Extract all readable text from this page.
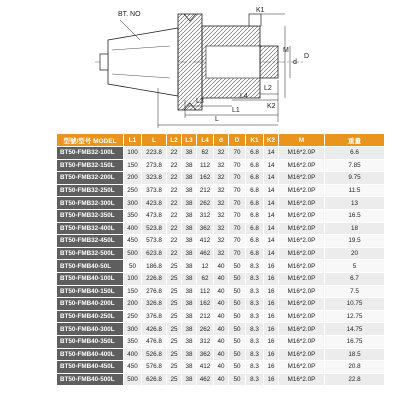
BT. NO
K1
K2
M
d
D
L1
L
L3
L4
L2
型號/型号 MODEL	L1	L	L2	L3	L4	d	D	K1	K2	M	重量
BT50-FMB32-100L	100	223.8	22	38	62	32	70	6.8	14	M16*2.0P	6.6
BT50-FMB32-150L	150	273.8	22	38	112	32	70	6.8	14	M16*2.0P	7.85
BT50-FMB32-200L	200	323.8	22	38	162	32	70	6.8	14	M16*2.0P	9.75
BT50-FMB32-250L	250	373.8	22	38	212	32	70	6.8	14	M16*2.0P	11.5
BT50-FMB32-300L	300	423.8	22	38	262	32	70	6.8	14	M16*2.0P	13
BT50-FMB32-350L	350	473.8	22	38	312	32	70	6.8	14	M16*2.0P	16.5
BT50-FMB32-400L	400	523.8	22	38	362	32	70	6.8	14	M16*2.0P	18
BT50-FMB32-450L	450	573.8	22	38	412	32	70	6.8	14	M16*2.0P	19.5
BT50-FMB32-500L	500	623.8	22	38	462	32	70	6.8	14	M16*2.0P	20
BT50-FMB40-50L	50	186.8	25	38	12	40	50	8.3	16	M16*2.0P	5
BT50-FMB40-100L	100	226.8	25	38	62	40	50	8.3	16	M16*2.0P	6.7
BT50-FMB40-150L	150	276.8	25	38	112	40	50	8.3	16	M16*2.0P	7.5
BT50-FMB40-200L	200	326.8	25	38	162	40	50	8.3	16	M16*2.0P	10.75
BT50-FMB40-250L	250	376.8	25	38	212	40	50	8.3	16	M16*2.0P	12.75
BT50-FMB40-300L	300	426.8	25	38	262	40	50	8.3	16	M16*2.0P	14.75
BT50-FMB40-350L	350	476.8	25	38	312	40	50	8.3	16	M16*2.0P	16.75
BT50-FMB40-400L	400	526.8	25	38	362	40	50	8.3	16	M16*2.0P	18.5
BT50-FMB40-450L	450	576.8	25	38	412	40	50	8.3	16	M16*2.0P	20.8
BT50-FMB40-500L	500	626.8	25	38	462	40	50	8.3	16	M16*2.0P	22.8
